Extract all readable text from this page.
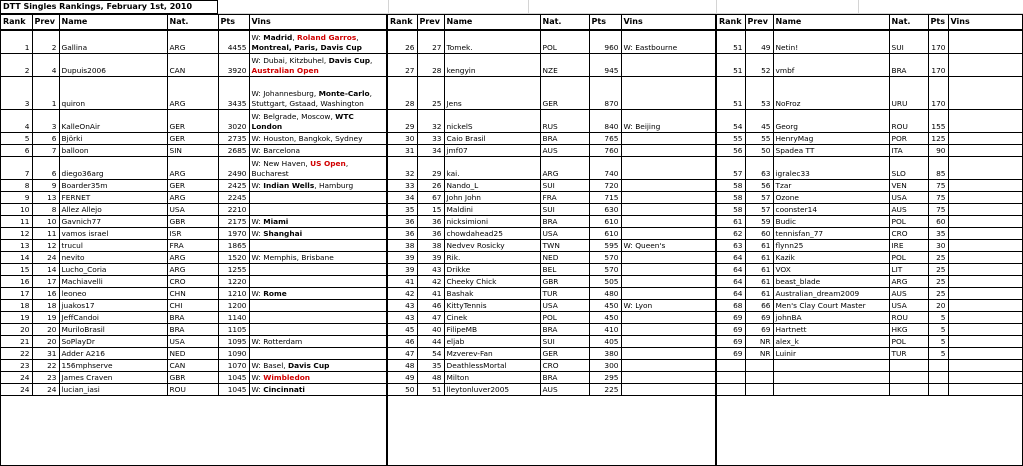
DTT Singles Rankings, February 1st, 2010
Rank	Prev	Name	Nat.	Pts	Vins
1	2	Gallina	ARG	4455	W: Madrid, Roland Garros, Montreal, Paris, Davis Cup
2	4	Dupuis2006	CAN	3920	W: Dubai, Kitzbuhel, Davis Cup, Australian Open
3	1	quiron	ARG	3435	W: Johannesburg, Monte-Carlo, Stuttgart, Gstaad, Washington
4	3	KalleOnAir	GER	3020	W: Belgrade, Moscow, WTC London
5	6	Björki	GER	2735	W: Houston, Bangkok, Sydney
6	7	balloon	SIN	2685	W: Barcelona
7	6	diego36arg	ARG	2490	W: New Haven, US Open, Bucharest
8	9	Boarder35m	GER	2425	W: Indian Wells, Hamburg
9	13	FERNET	ARG	2245	
10	8	Allez Allejo	USA	2210	
11	10	Gavnich77	GBR	2175	W: Miami
12	11	vamos israel	ISR	1970	W: Shanghai
13	12	trucul	FRA	1865	
14	24	nevito	ARG	1520	W: Memphis, Brisbane
15	14	Lucho_Coria	ARG	1255	
16	17	Machiavelli	CRO	1220	
17	16	leoneo	CHN	1210	W: Rome
18	18	juakos17	CHI	1200	
19	19	JeffCandoi	BRA	1140	
20	20	MuriloBrasil	BRA	1105	
21	20	SoPlayDr	USA	1095	W: Rotterdam
22	31	Adder A216	NED	1090	
23	22	156mphserve	CAN	1070	W: Basel, Davis Cup
24	23	James Craven	GBR	1045	W: Wimbledon
24	24	lucian_iasi	ROU	1045	W: Cincinnati
Rank	Prev	Name	Nat.	Pts	Vins
26	27	Tomek.	POL	960	W: Eastbourne
27	28	kengyin	NZE	945	
28	25	Jens	GER	870	
29	32	nickelS	RUS	840	W: Beijing
30	33	Caio Brasil	BRA	765	
31	34	jmf07	AUS	760	
32	29	kai.	ARG	740	
33	26	Nando_L	SUI	720	
34	67	John John	FRA	715	
35	15	Maldini	SUI	630	
36	36	nicksimioni	BRA	610	
36	36	chowdahead25	USA	610	
38	38	Nedvev Rosicky	TWN	595	W: Queen's
39	39	Rik.	NED	570	
39	43	Drikke	BEL	570	
41	42	Cheeky Chick	GBR	505	
42	41	Bashak	TUR	480	
43	46	KittyTennis	USA	450	W: Lyon
43	47	Cinek	POL	450	
45	40	FilipeMB	BRA	410	
46	44	eljab	SUI	405	
47	54	Mzverev-Fan	GER	380	
48	35	DeathlessMortal	CRO	300	
49	48	Milton	BRA	295	
50	51	lleytonluver2005	AUS	225	
Rank	Prev	Name	Nat.	Pts	Vins
51	49	Netin!	SUI	170	
51	52	vmbf	BRA	170	
51	53	NoFroz	URU	170	
54	45	Georg	ROU	155	
55	55	HenryMag	POR	125	
56	50	Spadea TT	ITA	90	
57	63	igralec33	SLO	85	
58	56	Tzar	VEN	75	
58	57	Ozone	USA	75	
58	57	coonster14	AUS	75	
61	59	Budic	POL	60	
62	60	tennisfan_77	CRO	35	
63	61	flynn25	IRE	30	
64	61	Kazik	POL	25	
64	61	VOX	LIT	25	
64	61	beast_blade	ARG	25	
64	61	Australian_dream2009	AUS	25	
68	66	Men's Clay Court Master	USA	20	
69	69	johnBA	ROU	5	
69	69	Hartnett	HKG	5	
69	NR	alex_k	POL	5	
69	NR	Luinir	TUR	5	
